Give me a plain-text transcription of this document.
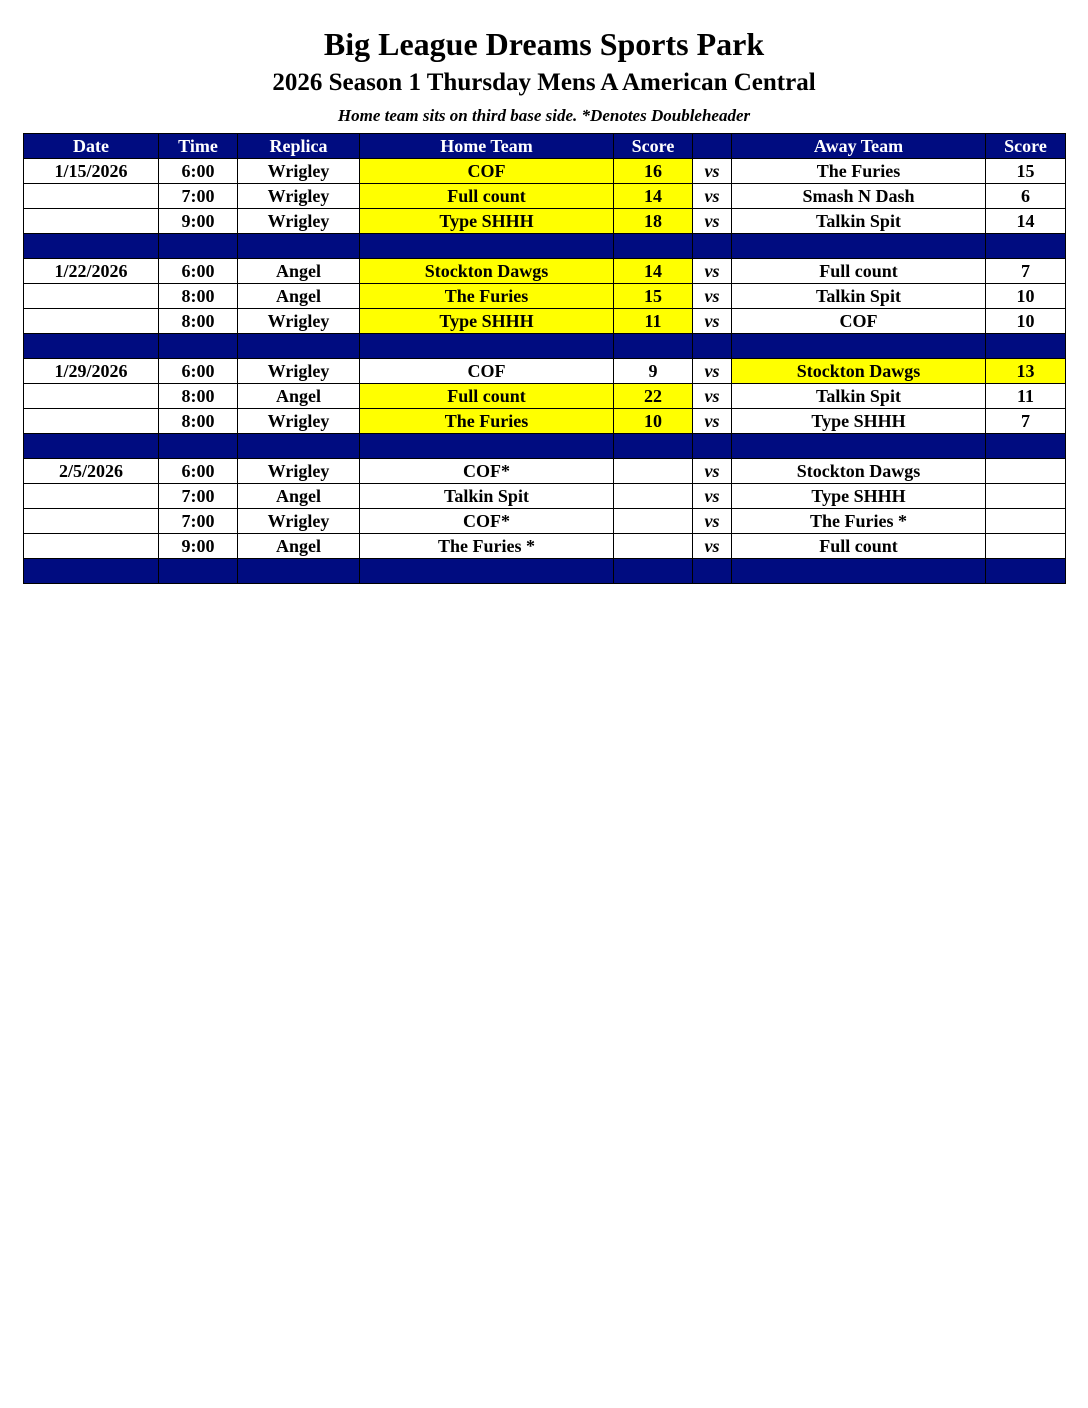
Big League Dreams Sports Park
2026 Season 1 Thursday Mens A American Central
Home team sits on third base side. *Denotes Doubleheader
Date	Time	Replica	Home Team	Score		Away Team	Score
1/15/2026	6:00	Wrigley	COF	16	vs	The Furies	15
	7:00	Wrigley	Full count	14	vs	Smash N Dash	6
	9:00	Wrigley	Type SHHH	18	vs	Talkin Spit	14

1/22/2026	6:00	Angel	Stockton Dawgs	14	vs	Full count	7
	8:00	Angel	The Furies	15	vs	Talkin Spit	10
	8:00	Wrigley	Type SHHH	11	vs	COF	10

1/29/2026	6:00	Wrigley	COF	9	vs	Stockton Dawgs	13
	8:00	Angel	Full count	22	vs	Talkin Spit	11
	8:00	Wrigley	The Furies	10	vs	Type SHHH	7

2/5/2026	6:00	Wrigley	COF*		vs	Stockton Dawgs	
	7:00	Angel	Talkin Spit		vs	Type SHHH	
	7:00	Wrigley	COF*		vs	The Furies *	
	9:00	Angel	The Furies *		vs	Full count	
